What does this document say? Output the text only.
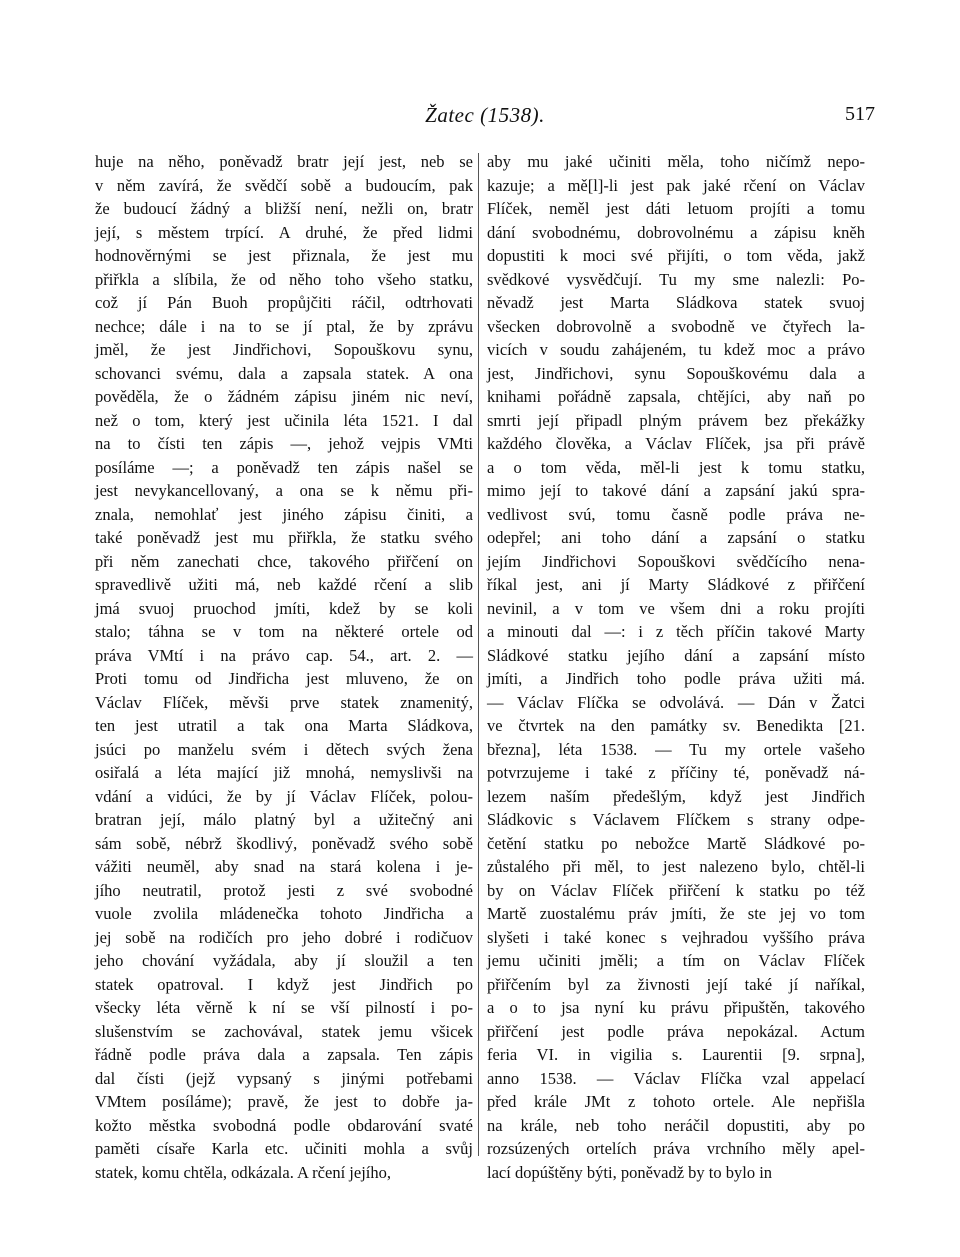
Žatec (1538).	517
huje na něho, poněvadž bratr její jest, neb se
v něm zavírá, že svědčí sobě a budoucím, pak
že budoucí žádný a bližší není, nežli on, bratr
její, s městem trpící. A druhé, že před lidmi
hodnověrnými se jest přiznala, že jest mu
přiřkla a slíbila, že od něho toho všeho statku,
což jí Pán Buoh propůjčiti ráčil, odtrhovati
nechce; dále i na to se jí ptal, že by zprávu
jměl, že jest Jindřichovi, Sopouškovu synu,
schovanci svému, dala a zapsala statek. A ona
pověděla, že o žádném zápisu jiném nic neví,
než o tom, který jest učinila léta 1521. I dal
na to čísti ten zápis —, jehož vejpis VMti
posíláme —; a poněvadž ten zápis našel se
jest nevykancellovaný, a ona se k němu při-
znala, nemohlať jest jiného zápisu činiti, a
také poněvadž jest mu přiřkla, že statku svého
při něm zanechati chce, takového přiřčení on
spravedlivě užiti má, neb každé rčení a slib
jmá svuoj pruochod jmíti, kdež by se koli
stalo; táhna se v tom na některé ortele od
práva VMtí i na právo cap. 54., art. 2. —
Proti tomu od Jindřicha jest mluveno, že on
Václav Flíček, měvši prve statek znamenitý,
ten jest utratil a tak ona Marta Sládkova,
jsúci po manželu svém i dětech svých žena
osiřalá a léta mající již mnohá, nemyslivši na
vdání a vidúci, že by jí Václav Flíček, polou-
bratran její, málo platný byl a užitečný ani
sám sobě, nébrž škodlivý, poněvadž svého sobě
vážiti neuměl, aby snad na stará kolena i je-
jího neutratil, protož jesti z své svobodné
vuole zvolila mládenečka tohoto Jindřicha a
jej sobě na rodičích pro jeho dobré i rodičuov
jeho chování vyžádala, aby jí sloužil a ten
statek opatroval. I když jest Jindřich po
všecky léta věrně k ní se vší pilností i po-
slušenstvím se zachovával, statek jemu všicek
řádně podle práva dala a zapsala. Ten zápis
dal čísti (jejž vypsaný s jinými potřebami
VMtem posíláme); pravě, že jest to dobře ja-
kožto městka svobodná podle obdarování svaté
paměti císaře Karla etc. učiniti mohla a svůj
statek, komu chtěla, odkázala. A rčení jejího,
aby mu jaké učiniti měla, toho ničímž nepo-
kazuje; a mě[l]-li jest pak jaké rčení on Václav
Flíček, neměl jest dáti letuom projíti a tomu
dání svobodnému, dobrovolnému a zápisu kněh
dopustiti k moci své přijíti, o tom věda, jakž
svědkové vysvědčují. Tu my sme nalezli: Po-
něvadž jest Marta Sládkova statek svuoj
všecken dobrovolně a svobodně ve čtyřech la-
vicích v soudu zahájeném, tu kdež moc a právo
jest, Jindřichovi, synu Sopouškovému dala a
knihami pořádně zapsala, chtějíci, aby naň po
smrti její připadl plným právem bez překážky
každého člověka, a Václav Flíček, jsa při právě
a o tom věda, měl-li jest k tomu statku,
mimo její to takové dání a zapsání jakú spra-
vedlivost svú, tomu časně podle práva ne-
odepřel; ani toho dání a zapsání o statku
jejím Jindřichovi Sopouškovi svědčícího nena-
říkal jest, ani jí Marty Sládkové z přiřčení
nevinil, a v tom ve všem dni a roku projíti
a minouti dal —: i z těch příčin takové Marty
Sládkové statku jejího dání a zapsání místo
jmíti, a Jindřich toho podle práva užiti má.
— Václav Flíčka se odvolává. — Dán v Žatci
ve čtvrtek na den památky sv. Benedikta [21.
března], léta 1538. — Tu my ortele vašeho
potvrzujeme i také z příčiny té, poněvadž ná-
lezem naším předešlým, když jest Jindřich
Sládkovic s Václavem Flíčkem s strany odpe-
četění statku po nebožce Martě Sládkové po-
zůstalého při měl, to jest nalezeno bylo, chtěl-li
by on Václav Flíček přiřčení k statku po též
Martě zuostalému práv jmíti, že ste jej vo tom
slyšeti i také konec s vejhradou vyššího práva
jemu učiniti jměli; a tím on Václav Flíček
přiřčením byl za živnosti její také jí naříkal,
a o to jsa nyní ku právu připuštěn, takového
přiřčení jest podle práva nepokázal. Actum
feria VI. in vigilia s. Laurentii [9. srpna],
anno 1538. — Václav Flíčka vzal appelací
před krále JMt z tohoto ortele. Ale nepřišla
na krále, neb toho neráčil dopustiti, aby po
rozsúzených ortelích práva vrchního měly apel-
lací dopúštěny býti, poněvadž by to bylo in
